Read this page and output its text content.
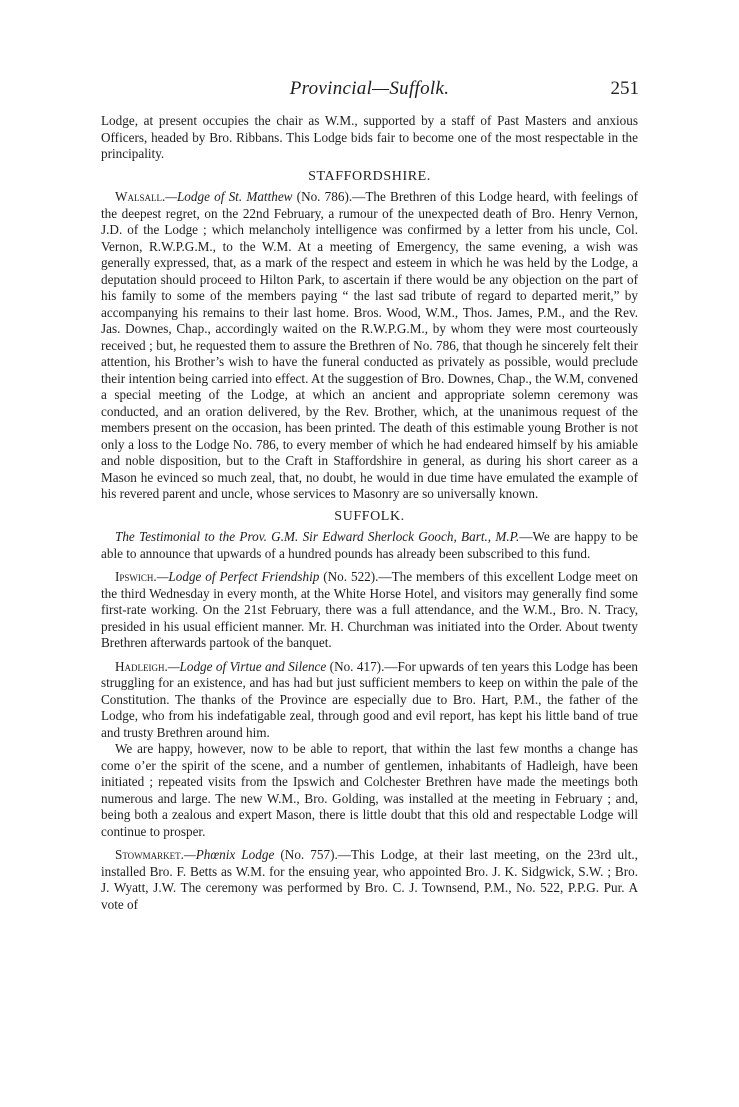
Provincial—Suffolk.	251

Lodge, at present occupies the chair as W.M., supported by a staff of Past Masters and anxious Officers, headed by Bro. Ribbans. This Lodge bids fair to become one of the most respectable in the principality.

STAFFORDSHIRE.

Walsall.—Lodge of St. Matthew (No. 786).—The Brethren of this Lodge heard, with feelings of the deepest regret, on the 22nd February, a rumour of the unexpected death of Bro. Henry Vernon, J.D. of the Lodge ; which melancholy intelligence was confirmed by a letter from his uncle, Col. Vernon, R.W.P.G.M., to the W.M. At a meeting of Emergency, the same evening, a wish was generally expressed, that, as a mark of the respect and esteem in which he was held by the Lodge, a deputation should proceed to Hilton Park, to ascertain if there would be any objection on the part of his family to some of the members paying “ the last sad tribute of regard to departed merit,” by accompanying his remains to their last home. Bros. Wood, W.M., Thos. James, P.M., and the Rev. Jas. Downes, Chap., accordingly waited on the R.W.P.G.M., by whom they were most courteously received ; but, he requested them to assure the Brethren of No. 786, that though he sincerely felt their attention, his Brother’s wish to have the funeral conducted as privately as possible, would preclude their intention being carried into effect. At the suggestion of Bro. Downes, Chap., the W.M, convened a special meeting of the Lodge, at which an ancient and appropriate solemn ceremony was conducted, and an oration delivered, by the Rev. Brother, which, at the unanimous request of the members present on the occasion, has been printed. The death of this estimable young Brother is not only a loss to the Lodge No. 786, to every member of which he had endeared himself by his amiable and noble disposition, but to the Craft in Staffordshire in general, as during his short career as a Mason he evinced so much zeal, that, no doubt, he would in due time have emulated the example of his revered parent and uncle, whose services to Masonry are so universally known.

SUFFOLK.

The Testimonial to the Prov. G.M. Sir Edward Sherlock Gooch, Bart., M.P.—We are happy to be able to announce that upwards of a hundred pounds has already been subscribed to this fund.

Ipswich.—Lodge of Perfect Friendship (No. 522).—The members of this excellent Lodge meet on the third Wednesday in every month, at the White Horse Hotel, and visitors may generally find some first-rate working. On the 21st February, there was a full attendance, and the W.M., Bro. N. Tracy, presided in his usual efficient manner. Mr. H. Churchman was initiated into the Order. About twenty Brethren afterwards partook of the banquet.

Hadleigh.—Lodge of Virtue and Silence (No. 417).—For upwards of ten years this Lodge has been struggling for an existence, and has had but just sufficient members to keep on within the pale of the Constitution. The thanks of the Province are especially due to Bro. Hart, P.M., the father of the Lodge, who from his indefatigable zeal, through good and evil report, has kept his little band of true and trusty Brethren around him.

We are happy, however, now to be able to report, that within the last few months a change has come o’er the spirit of the scene, and a number of gentlemen, inhabitants of Hadleigh, have been initiated ; repeated visits from the Ipswich and Colchester Brethren have made the meetings both numerous and large. The new W.M., Bro. Golding, was installed at the meeting in February ; and, being both a zealous and expert Mason, there is little doubt that this old and respectable Lodge will continue to prosper.

Stowmarket.—Phœnix Lodge (No. 757).—This Lodge, at their last meeting, on the 23rd ult., installed Bro. F. Betts as W.M. for the ensuing year, who appointed Bro. J. K. Sidgwick, S.W. ; Bro. J. Wyatt, J.W. The ceremony was performed by Bro. C. J. Townsend, P.M., No. 522, P.P.G. Pur. A vote of
